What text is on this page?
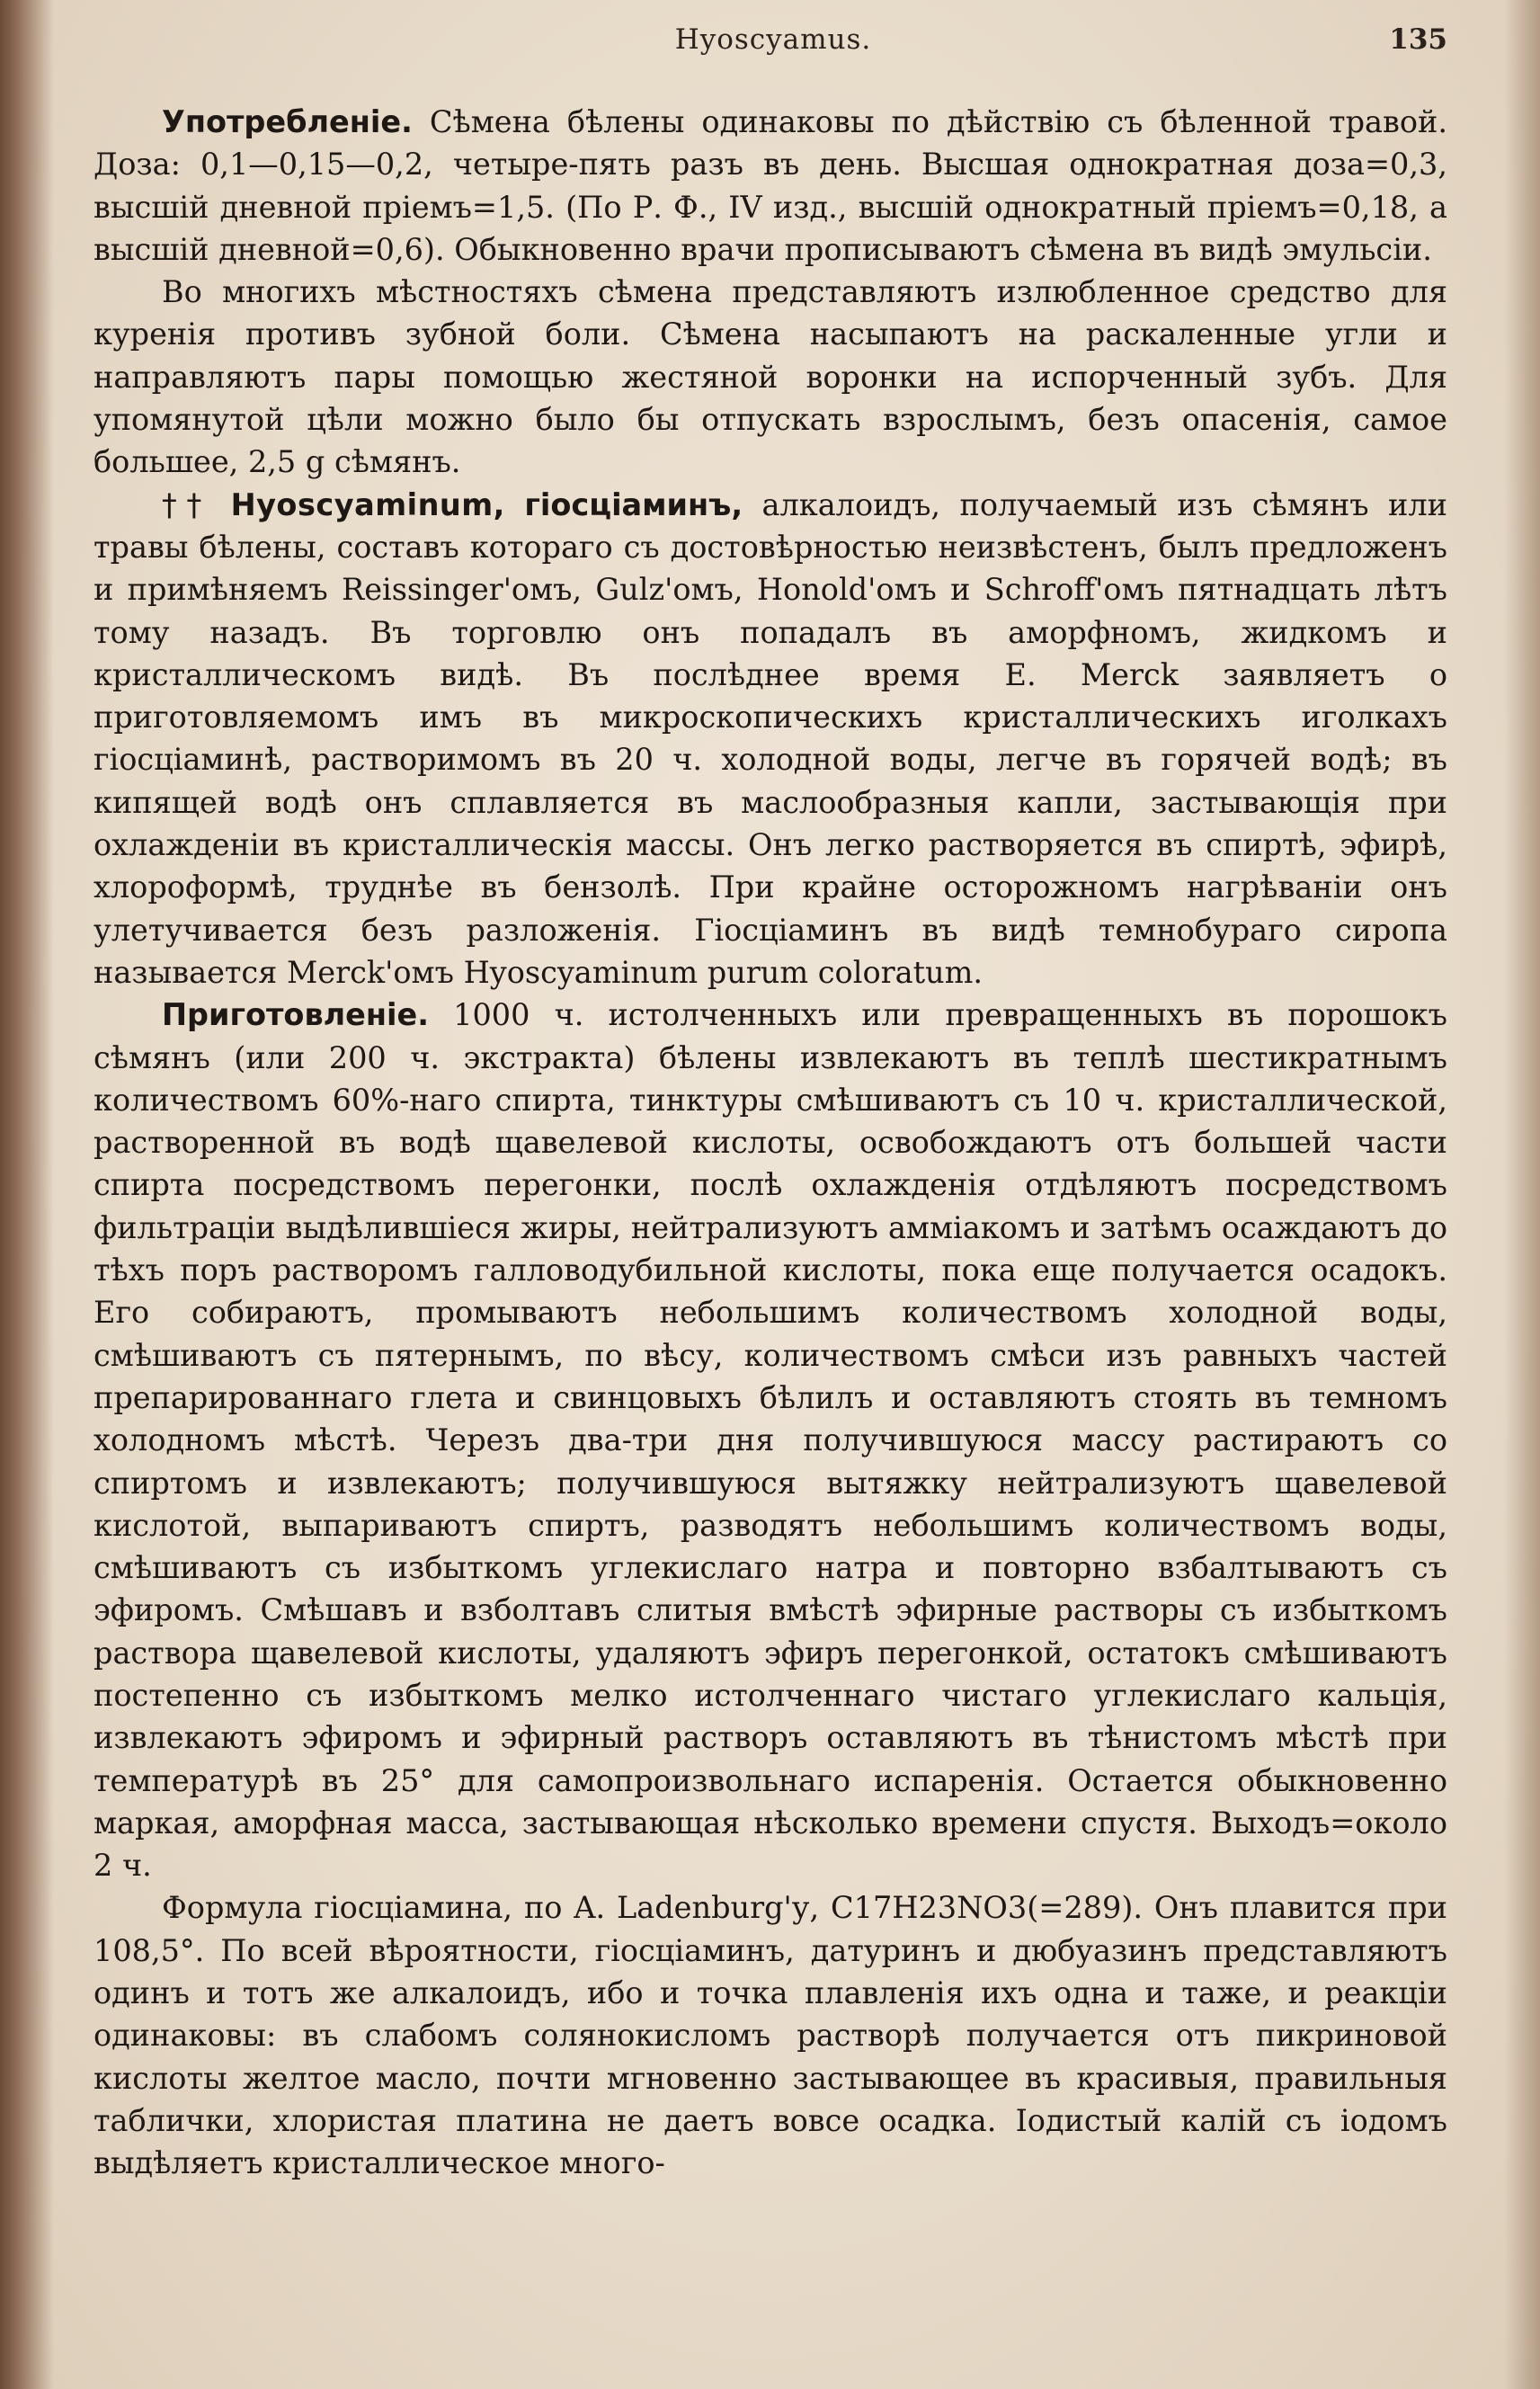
Hyoscyamus.	135

Употребленіе. Сѣмена бѣлены одинаковы по дѣйствію съ бѣленной травой. Доза: 0,1—0,15—0,2, четыре-пять разъ въ день. Высшая однократная доза=0,3, высшій дневной пріемъ=1,5. (По Р. Ф., IV изд., высшій однократный пріемъ=0,18, а высшій дневной=0,6). Обыкновенно врачи прописываютъ сѣмена въ видѣ эмульсіи.

Во многихъ мѣстностяхъ сѣмена представляютъ излюбленное средство для куренія противъ зубной боли. Сѣмена насыпаютъ на раскаленные угли и направляютъ пары помощью жестяной воронки на испорченный зубъ. Для упомянутой цѣли можно было бы отпускать взрослымъ, безъ опасенія, самое большее, 2,5 g сѣмянъ.

†† Hyoscyaminum, гіосціаминъ, алкалоидъ, получаемый изъ сѣмянъ или травы бѣлены, составъ котораго съ достовѣрностью неизвѣстенъ, былъ предложенъ и примѣняемъ Reissinger'омъ, Gulz'омъ, Honold'омъ и Schroff'омъ пятнадцать лѣтъ тому назадъ. Въ торговлю онъ попадалъ въ аморфномъ, жидкомъ и кристаллическомъ видѣ. Въ послѣднее время E. Merck заявляетъ о приготовляемомъ имъ въ микроскопическихъ кристаллическихъ иголкахъ гіосціаминѣ, растворимомъ въ 20 ч. холодной воды, легче въ горячей водѣ; въ кипящей водѣ онъ сплавляется въ маслообразныя капли, застывающія при охлажденіи въ кристаллическія массы. Онъ легко растворяется въ спиртѣ, эфирѣ, хлороформѣ, труднѣе въ бензолѣ. При крайне осторожномъ нагрѣваніи онъ улетучивается безъ разложенія. Гіосціаминъ въ видѣ темнобураго сиропа называется Merck'омъ Hyoscyaminum purum coloratum.

Приготовленіе. 1000 ч. истолченныхъ или превращенныхъ въ порошокъ сѣмянъ (или 200 ч. экстракта) бѣлены извлекаютъ въ теплѣ шестикратнымъ количествомъ 60%-наго спирта, тинктуры смѣшиваютъ съ 10 ч. кристаллической, растворенной въ водѣ щавелевой кислоты, освобождаютъ отъ большей части спирта посредствомъ перегонки, послѣ охлажденія отдѣляютъ посредствомъ фильтраціи выдѣлившіеся жиры, нейтрализуютъ амміакомъ и затѣмъ осаждаютъ до тѣхъ поръ растворомъ галловодубильной кислоты, пока еще получается осадокъ. Его собираютъ, промываютъ небольшимъ количествомъ холодной воды, смѣшиваютъ съ пятернымъ, по вѣсу, количествомъ смѣси изъ равныхъ частей препарированнаго глета и свинцовыхъ бѣлилъ и оставляютъ стоять въ темномъ холодномъ мѣстѣ. Черезъ два-три дня получившуюся массу растираютъ со спиртомъ и извлекаютъ; получившуюся вытяжку нейтрализуютъ щавелевой кислотой, выпариваютъ спиртъ, разводятъ небольшимъ количествомъ воды, смѣшиваютъ съ избыткомъ углекислаго натра и повторно взбалтываютъ съ эфиромъ. Смѣшавъ и взболтавъ слитыя вмѣстѣ эфирные растворы съ избыткомъ раствора щавелевой кислоты, удаляютъ эфиръ перегонкой, остатокъ смѣшиваютъ постепенно съ избыткомъ мелко истолченнаго чистаго углекислаго кальція, извлекаютъ эфиромъ и эфирный растворъ оставляютъ въ тѣнистомъ мѣстѣ при температурѣ въ 25° для самопроизвольнаго испаренія. Остается обыкновенно маркая, аморфная масса, застывающая нѣсколько времени спустя. Выходъ=около 2 ч.

Формула гіосціамина, по A. Ladenburg'у, C17H23NO3(=289). Онъ плавится при 108,5°. По всей вѣроятности, гіосціаминъ, датуринъ и дюбуазинъ представляютъ одинъ и тотъ же алкалоидъ, ибо и точка плавленія ихъ одна и таже, и реакціи одинаковы: въ слабомъ солянокисломъ растворѣ получается отъ пикриновой кислоты желтое масло, почти мгновенно застывающее въ красивыя, правильныя таблички, хлористая платина не даетъ вовсе осадка. Іодистый калій съ іодомъ выдѣляетъ кристаллическое много-
